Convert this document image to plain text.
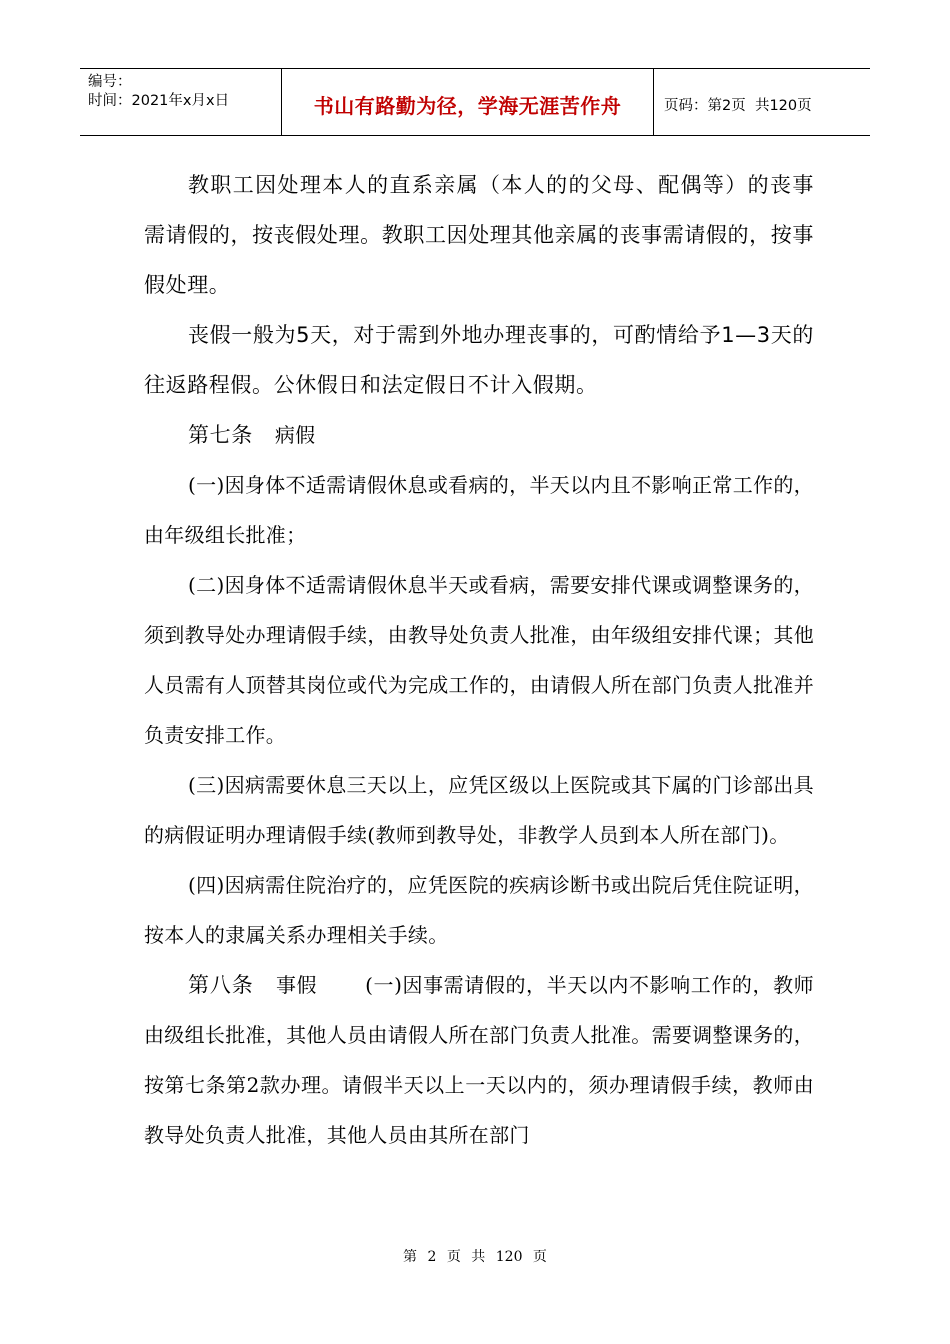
编号：
时间：2021年x月x日	书山有路勤为径，学海无涯苦作舟	页码：第2页  共120页

教职工因处理本人的直系亲属（本人的的父母、配偶等）的丧事需请假的，按丧假处理。教职工因处理其他亲属的丧事需请假的，按事假处理。

丧假一般为5天，对于需到外地办理丧事的，可酌情给予1—3天的往返路程假。公休假日和法定假日不计入假期。

第七条 病假

(一)因身体不适需请假休息或看病的，半天以内且不影响正常工作的，由年级组长批准；

(二)因身体不适需请假休息半天或看病，需要安排代课或调整课务的，须到教导处办理请假手续，由教导处负责人批准，由年级组安排代课；其他人员需有人顶替其岗位或代为完成工作的，由请假人所在部门负责人批准并负责安排工作。

(三)因病需要休息三天以上，应凭区级以上医院或其下属的门诊部出具的病假证明办理请假手续(教师到教导处，非教学人员到本人所在部门)。

(四)因病需住院治疗的，应凭医院的疾病诊断书或出院后凭住院证明，按本人的隶属关系办理相关手续。

第八条 事假 (一)因事需请假的，半天以内不影响工作的，教师由级组长批准，其他人员由请假人所在部门负责人批准。需要调整课务的，按第七条第2款办理。请假半天以上一天以内的，须办理请假手续，教师由教导处负责人批准，其他人员由其所在部门

第 2 页 共 120 页
